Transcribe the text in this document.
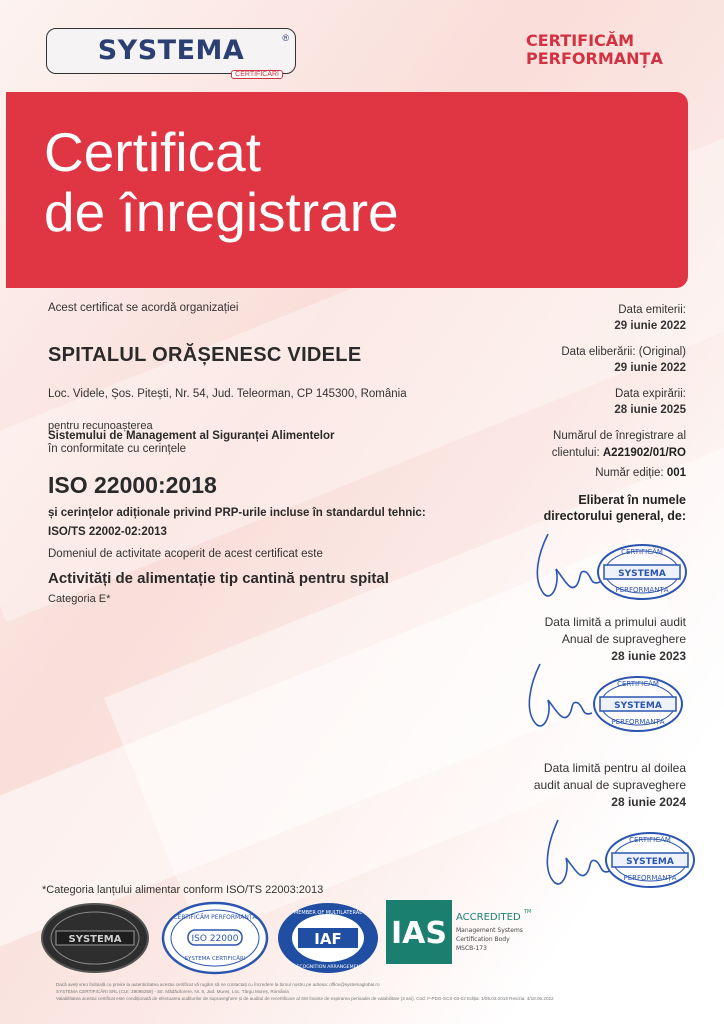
SYSTEMA	®
CERTIFICĂRI
CERTIFICĂM
PERFORMANȚA
Certificat
de înregistrare
Acest certificat se acordă organizației
SPITALUL ORĂȘENESC VIDELE
Loc. Videle, Șos. Pitești, Nr. 54, Jud. Teleorman, CP 145300, România
pentru recunoașterea
Sistemului de Management al Siguranței Alimentelor
în conformitate cu cerințele
ISO 22000:2018
și cerințelor adiționale privind PRP-urile incluse în standardul tehnic:
ISO/TS 22002-02:2013
Domeniul de activitate acoperit de acest certificat este
Activități de alimentație tip cantină pentru spital
Categoria E*
Data emiterii:
29 iunie 2022
Data eliberării: (Original)
29 iunie 2022
Data expirării:
28 iunie 2025
Numărul de înregistrare al
clientului: A221902/01/RO
Număr ediție: 001
Eliberat în numele
directorului general, de:
CERTIFICĂM
SYSTEMA
PERFORMANȚA
Data limită a primului audit
Anual de supraveghere
28 iunie 2023
CERTIFICĂM
SYSTEMA
PERFORMANȚA
Data limită pentru al doilea
audit anual de supraveghere
28 iunie 2024
CERTIFICĂM
SYSTEMA
PERFORMANȚA
*Categoria lanțului alimentar conform ISO/TS 22003:2013
SYSTEMA
CERTIFICĂM PERFORMANȚA
ISO 22000
SYSTEMA CERTIFICĂRI
MEMBER OF MULTILATERAL
IAF
RECOGNITION ARRANGEMENT
IAS ACCREDITED TM
Management Systems
Certification Body
MSCB-173
Dacă aveți vreo îndoială cu privire la autenticitatea acestui certificat vă rugăm să ne contactați cu încredere la biroul nostru pe adresa: office@systemaglobal.ro
SYSTEMA CERTIFICĂRI SRL (CUI: 39095259) - Str. Mădăcilorere, Nr. 8, Jud. Mureș, Loc. Târgu Mureș, România
Valabilitatea acestui certificat este condiționată de efectuarea auditurilor de supraveghere și de auditul de recertificare al SM înainte de expirarea perioadei de valabilitate (3 ani). Cod: F-PDG-SCS-03-02 Ediția: 1/05.03.2018 Revizia: 4/18.05.2022
